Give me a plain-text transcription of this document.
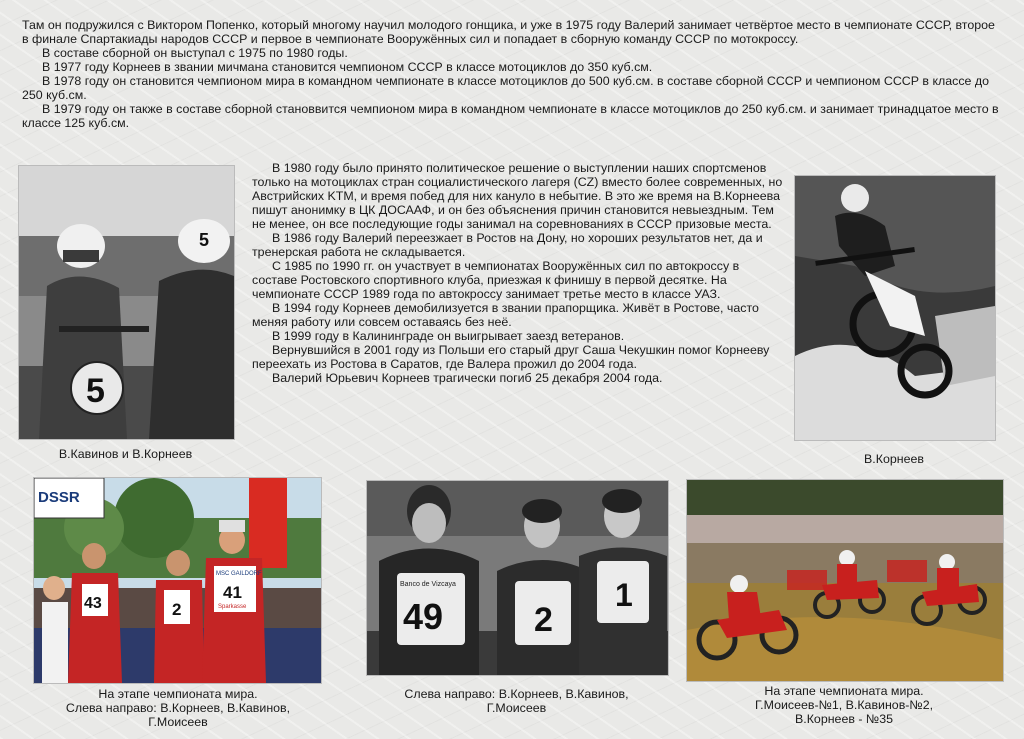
Там он подружился с Виктором Попенко, который многому научил молодого гонщика, и уже в 1975 году Валерий занимает четвёртое место в чемпионате СССР, второе в финале Спартакиады народов СССР и первое в чемпионате Вооружённых сил и попадает в сборную команду СССР по мотокроссу.

В составе сборной он выступал с 1975 по 1980 годы.

В 1977 году Корнеев в звании мичмана становится чемпионом СССР в классе мотоциклов до 350 куб.см.

В 1978 году он становится чемпионом мира в командном чемпионате в классе мотоциклов до 500 куб.см. в составе сборной СССР и чемпионом СССР в классе до 250 куб.см.

В 1979 году он также в составе сборной становвится чемпионом мира в командном чемпионате в классе мотоциклов до 250 куб.см. и занимает тринадцатое место в классе 125 куб.см.

В 1980 году было принято политическое решение о выступлении наших спортсменов только на мотоциклах стран социалистического лагеря (CZ) вместо более современных, но Австрийских KTM, и время побед для них кануло в небытие. В это же время на В.Корнеева пишут анонимку в ЦК ДОСААФ, и он без объяснения причин становится невыездным. Тем не менее, он все последующие годы занимал на соревнованиях в СССР призовые места.

В 1986 году Валерий переезжает в Ростов на Дону, но хороших результатов нет, да и тренерская работа не складывается.

С 1985 по 1990 гг. он участвует в чемпионатах Вооружённых сил по автокроссу в составе Ростовского спортивного клуба, приезжая к финишу в первой десятке. На чемпионате СССР 1989 года по автокроссу занимает третье место в классе УАЗ.

В 1994 году Корнеев демобилизуется в звании прапорщика. Живёт в Ростове, часто меняя работу или совсем оставаясь без неё.

В 1999 году в Калининграде он выигрывает заезд ветеранов.

Вернувшийся в 2001 году из Польши его старый друг Саша Чекушкин помог Корнееву переехать из Ростова в Саратов, где Валера прожил до 2004 года.

Валерий Юрьевич Корнеев трагически погиб 25 декабря 2004 года.

5
5
В.Кавинов и В.Корнеев	В.Корнеев
DSSR
43	2
MSC GAILDORF
41
Sparkasse
На этапе чемпионата мира.
Слева направо: В.Корнеев, В.Кавинов,
Г.Моисеев
Banco de Vizcaya
49	2
1
Слева направо: В.Корнеев, В.Кавинов,
Г.Моисеев
На этапе чемпионата мира.
Г.Моисеев-№1, В.Кавинов-№2,
В.Корнеев - №35
